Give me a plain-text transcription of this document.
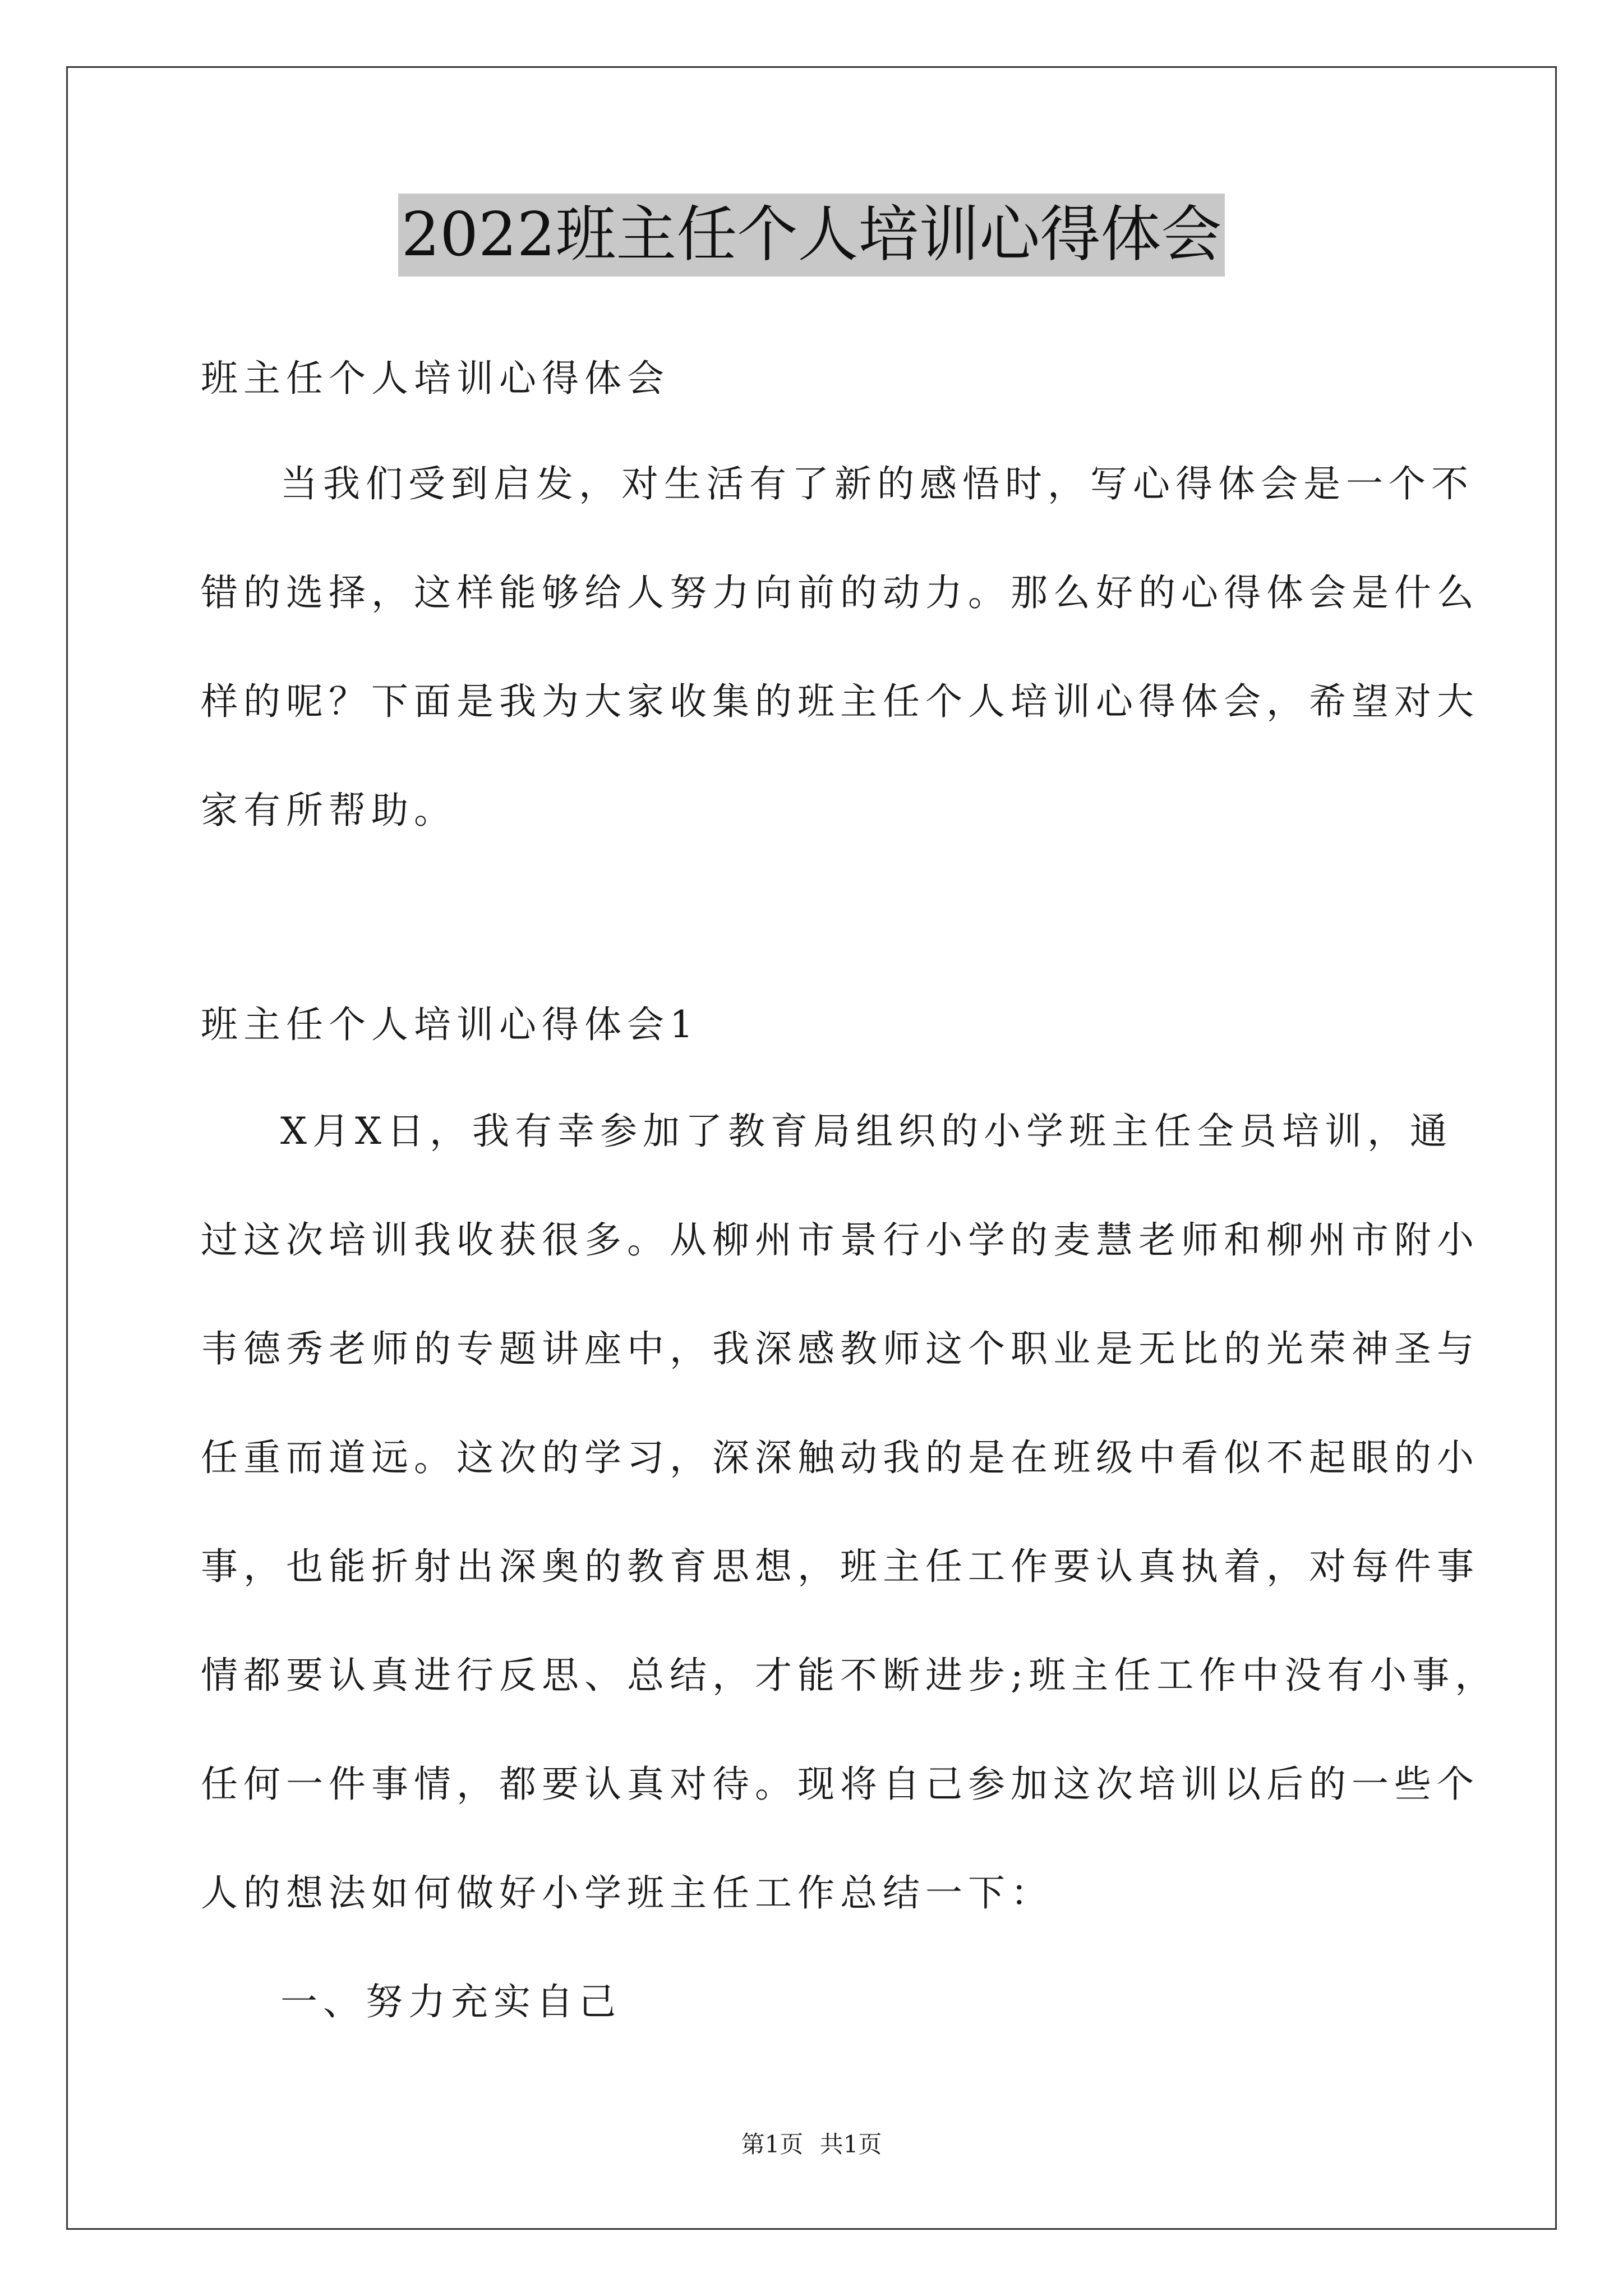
2022班主任个人培训心得体会
班主任个人培训心得体会
当我们受到启发，对生活有了新的感悟时，写心得体会是一个不
错的选择，这样能够给人努力向前的动力。那么好的心得体会是什么
样的呢？下面是我为大家收集的班主任个人培训心得体会，希望对大
家有所帮助。
班主任个人培训心得体会1
X月X日，我有幸参加了教育局组织的小学班主任全员培训，通
过这次培训我收获很多。从柳州市景行小学的麦慧老师和柳州市附小
韦德秀老师的专题讲座中，我深感教师这个职业是无比的光荣神圣与
任重而道远。这次的学习，深深触动我的是在班级中看似不起眼的小
事，也能折射出深奥的教育思想，班主任工作要认真执着，对每件事
情都要认真进行反思、总结，才能不断进步;班主任工作中没有小事，
任何一件事情，都要认真对待。现将自己参加这次培训以后的一些个
人的想法如何做好小学班主任工作总结一下：
一、努力充实自己
第1页 共1页
